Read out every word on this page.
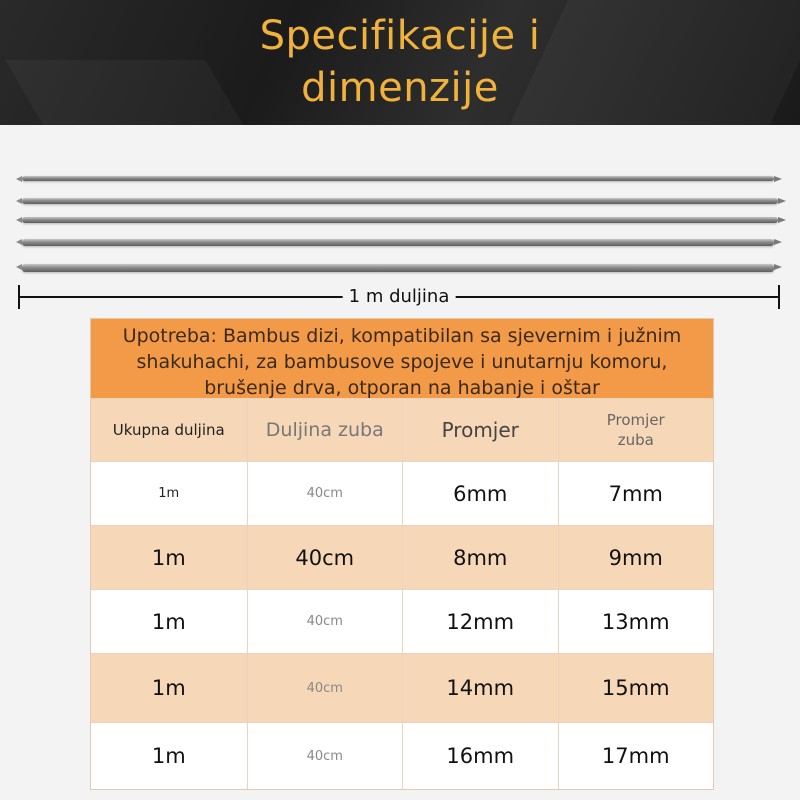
Specifikacije i
dimenzije
1 m duljina
Upotreba: Bambus dizi, kompatibilan sa sjevernim i južnim shakuhachi, za bambusove spojeve i unutarnju komoru, brušenje drva, otporan na habanje i oštar
Ukupna duljina	Duljina zuba	Promjer	Promjer zuba
1m	40cm	6mm	7mm
1m	40cm	8mm	9mm
1m	40cm	12mm	13mm
1m	40cm	14mm	15mm
1m	40cm	16mm	17mm
